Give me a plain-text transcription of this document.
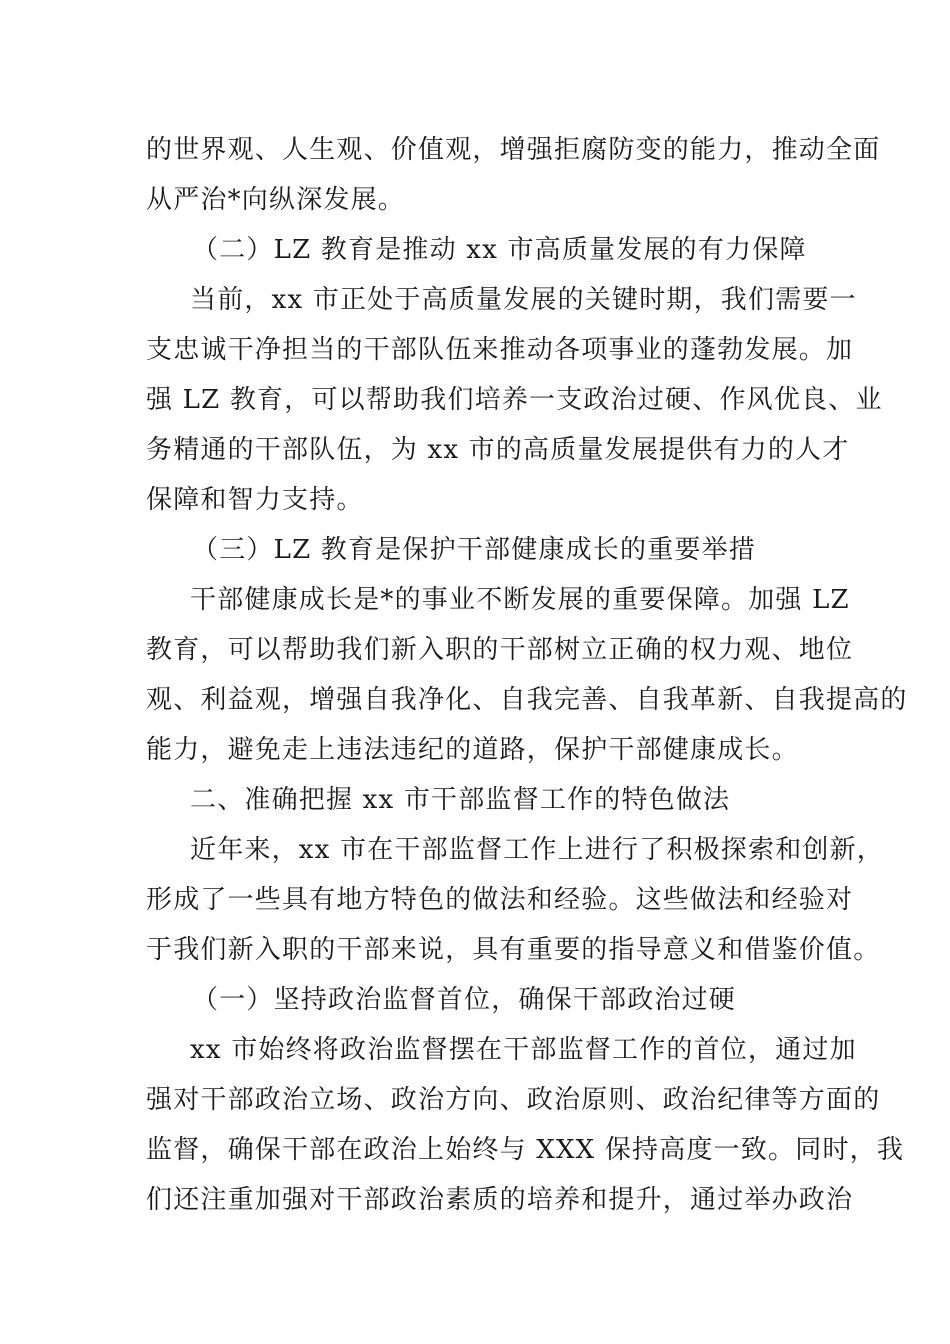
的世界观、人生观、价值观，增强拒腐防变的能力，推动全面
从严治*向纵深发展。
（二）LZ 教育是推动 xx 市高质量发展的有力保障
当前，xx 市正处于高质量发展的关键时期，我们需要一
支忠诚干净担当的干部队伍来推动各项事业的蓬勃发展。加
强 LZ 教育，可以帮助我们培养一支政治过硬、作风优良、业
务精通的干部队伍，为 xx 市的高质量发展提供有力的人才
保障和智力支持。
（三）LZ 教育是保护干部健康成长的重要举措
干部健康成长是*的事业不断发展的重要保障。加强 LZ
教育，可以帮助我们新入职的干部树立正确的权力观、地位
观、利益观，增强自我净化、自我完善、自我革新、自我提高的
能力，避免走上违法违纪的道路，保护干部健康成长。
二、准确把握 xx 市干部监督工作的特色做法
近年来，xx 市在干部监督工作上进行了积极探索和创新，
形成了一些具有地方特色的做法和经验。这些做法和经验对
于我们新入职的干部来说，具有重要的指导意义和借鉴价值。
（一）坚持政治监督首位，确保干部政治过硬
xx 市始终将政治监督摆在干部监督工作的首位，通过加
强对干部政治立场、政治方向、政治原则、政治纪律等方面的
监督，确保干部在政治上始终与 XXX 保持高度一致。同时，我
们还注重加强对干部政治素质的培养和提升，通过举办政治
